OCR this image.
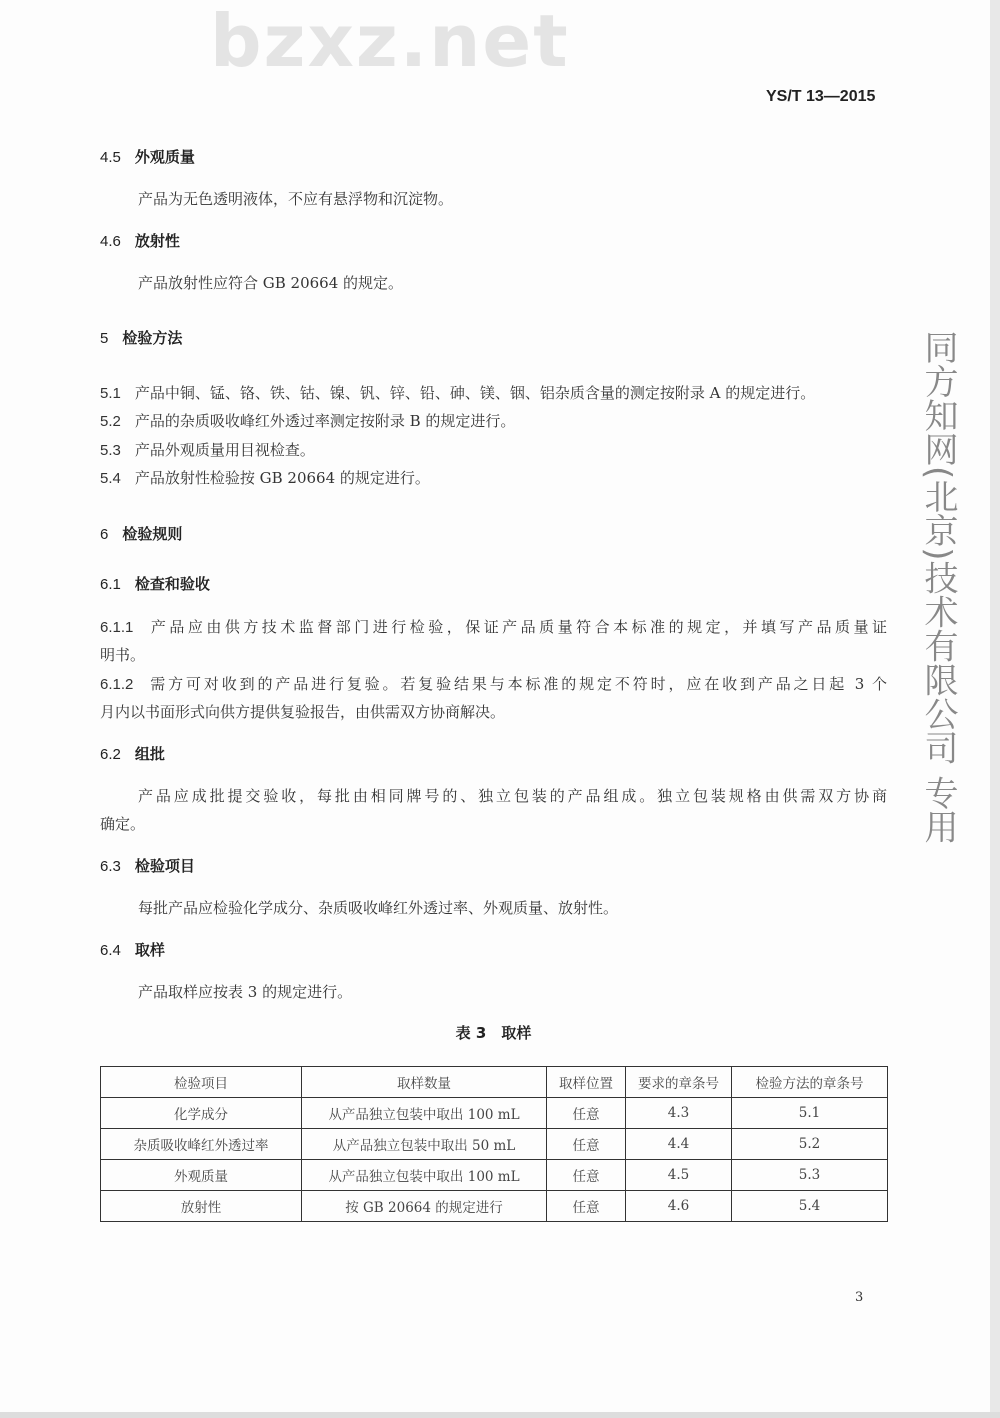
bzxz.net
同方知网(北京)技术有限公司 专用
YS/T 13—2015
4.5 外观质量
产品为无色透明液体，不应有悬浮物和沉淀物。
4.6 放射性
产品放射性应符合 GB 20664 的规定。
5 检验方法
5.1 产品中铜、锰、铬、铁、钴、镍、钒、锌、铅、砷、镁、铟、铝杂质含量的测定按附录 A 的规定进行。
5.2 产品的杂质吸收峰红外透过率测定按附录 B 的规定进行。
5.3 产品外观质量用目视检查。
5.4 产品放射性检验按 GB 20664 的规定进行。
6 检验规则
6.1 检查和验收
6.1.1 产品应由供方技术监督部门进行检验，保证产品质量符合本标准的规定，并填写产品质量证
明书。
6.1.2 需方可对收到的产品进行复验。若复验结果与本标准的规定不符时，应在收到产品之日起 3 个
月内以书面形式向供方提供复验报告，由供需双方协商解决。
6.2 组批
产品应成批提交验收，每批由相同牌号的、独立包装的产品组成。独立包装规格由供需双方协商
确定。
6.3 检验项目
每批产品应检验化学成分、杂质吸收峰红外透过率、外观质量、放射性。
6.4 取样
产品取样应按表 3 的规定进行。
表 3　取样
检验项目	取样数量	取样位置	要求的章条号	检验方法的章条号
化学成分	从产品独立包装中取出 100 mL	任意	4.3	5.1
杂质吸收峰红外透过率	从产品独立包装中取出 50 mL	任意	4.4	5.2
外观质量	从产品独立包装中取出 100 mL	任意	4.5	5.3
放射性	按 GB 20664 的规定进行	任意	4.6	5.4
3
